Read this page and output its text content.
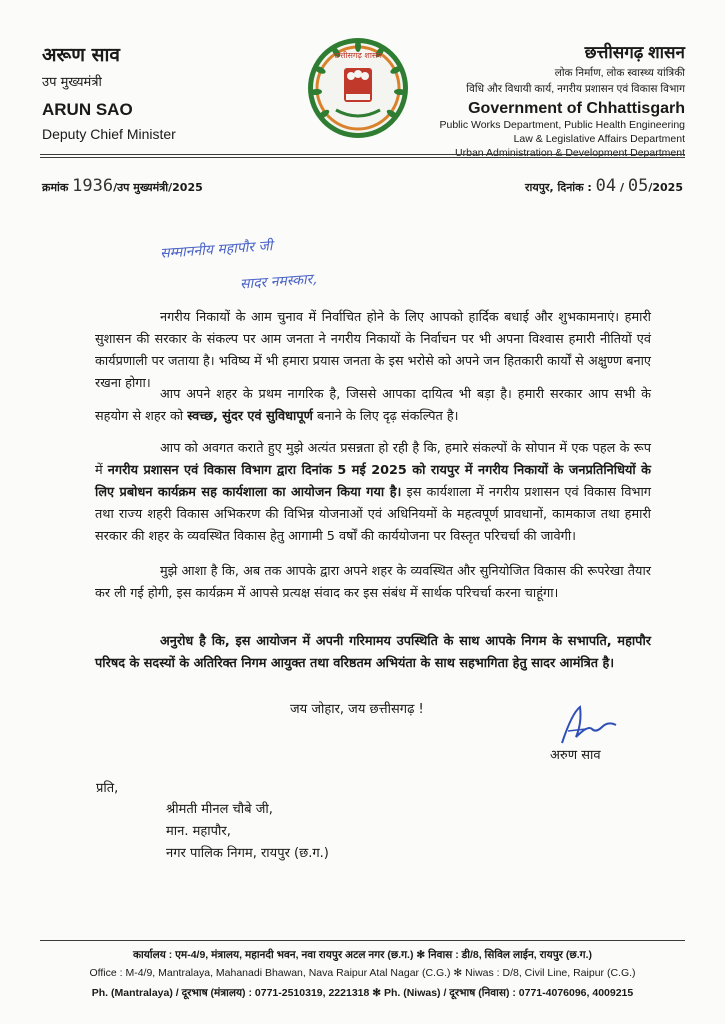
अरूण साव
उप मुख्यमंत्री
ARUN SAO
Deputy Chief Minister
छत्तीसगढ़ शासन	छत्तीसगढ़ शासन
लोक निर्माण, लोक स्वास्थ्य यांत्रिकी
विधि और विधायी कार्य, नगरीय प्रशासन एवं विकास विभाग
Government of Chhattisgarh
Public Works Department, Public Health Engineering
Law & Legislative Affairs Department
Urban Administration & Development Department
क्रमांक 1936/उप मुख्यमंत्री/2025	रायपुर, दिनांक : 04 / 05/2025
सम्माननीय महापौर जी
सादर नमस्कार,
नगरीय निकायों के आम चुनाव में निर्वाचित होने के लिए आपको हार्दिक बधाई और शुभकामनाएं। हमारी सुशासन की सरकार के संकल्प पर आम जनता ने नगरीय निकायों के निर्वाचन पर भी अपना विश्वास हमारी नीतियों एवं कार्यप्रणाली पर जताया है। भविष्य में भी हमारा प्रयास जनता के इस भरोसे को अपने जन हितकारी कार्यों से अक्षुण्ण बनाए रखना होगा।
आप अपने शहर के प्रथम नागरिक है, जिससे आपका दायित्व भी बड़ा है। हमारी सरकार आप सभी के सहयोग से शहर को स्वच्छ, सुंदर एवं सुविधापूर्ण बनाने के लिए दृढ़ संकल्पित है।
आप को अवगत कराते हुए मुझे अत्यंत प्रसन्नता हो रही है कि, हमारे संकल्पों के सोपान में एक पहल के रूप में नगरीय प्रशासन एवं विकास विभाग द्वारा दिनांक 5 मई 2025 को रायपुर में नगरीय निकायों के जनप्रतिनिधियों के लिए प्रबोधन कार्यक्रम सह कार्यशाला का आयोजन किया गया है। इस कार्यशाला में नगरीय प्रशासन एवं विकास विभाग तथा राज्य शहरी विकास अभिकरण की विभिन्न योजनाओं एवं अधिनियमों के महत्वपूर्ण प्रावधानों, कामकाज तथा हमारी सरकार की शहर के व्यवस्थित विकास हेतु आगामी 5 वर्षों की कार्ययोजना पर विस्तृत परिचर्चा की जावेगी।
मुझे आशा है कि, अब तक आपके द्वारा अपने शहर के व्यवस्थित और सुनियोजित विकास की रूपरेखा तैयार कर ली गई होगी, इस कार्यक्रम में आपसे प्रत्यक्ष संवाद कर इस संबंध में सार्थक परिचर्चा करना चाहूंगा।
अनुरोध है कि, इस आयोजन में अपनी गरिमामय उपस्थिति के साथ आपके निगम के सभापति, महापौर परिषद के सदस्यों के अतिरिक्त निगम आयुक्त तथा वरिष्ठतम अभियंता के साथ सहभागिता हेतु सादर आमंत्रित है।
जय जोहार, जय छत्तीसगढ़ !
अरुण साव
प्रति,
श्रीमती मीनल चौबे जी,
मान. महापौर,
नगर पालिक निगम, रायपुर (छ.ग.)
कार्यालय : एम-4/9, मंत्रालय, महानदी भवन, नवा रायपुर अटल नगर (छ.ग.) ✻ निवास : डी/8, सिविल लाईन, रायपुर (छ.ग.)
Office : M-4/9, Mantralaya, Mahanadi Bhawan, Nava Raipur Atal Nagar (C.G.) ✻ Niwas : D/8, Civil Line, Raipur (C.G.)
Ph. (Mantralaya) / दूरभाष (मंत्रालय) : 0771-2510319, 2221318 ✻ Ph. (Niwas) / दूरभाष (निवास) : 0771-4076096, 4009215
